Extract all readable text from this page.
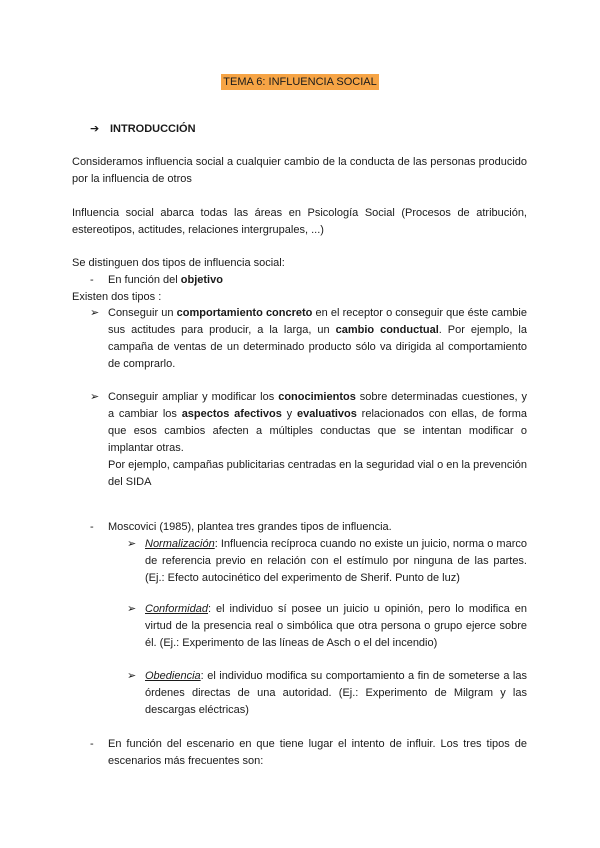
TEMA 6: INFLUENCIA SOCIAL
➔ INTRODUCCIÓN
Consideramos influencia social a cualquier cambio de la conducta de las personas producido por la influencia de otros
Influencia social abarca todas las áreas en Psicología Social (Procesos de atribución, estereotipos, actitudes, relaciones intergrupales, ...)
Se distinguen dos tipos de influencia social:
- En función del objetivo
Existen dos tipos :
➢ Conseguir un comportamiento concreto en el receptor o conseguir que éste cambie sus actitudes para producir, a la larga, un cambio conductual. Por ejemplo, la campaña de ventas de un determinado producto sólo va dirigida al comportamiento de comprarlo.
➢ Conseguir ampliar y modificar los conocimientos sobre determinadas cuestiones, y a cambiar los aspectos afectivos y evaluativos relacionados con ellas, de forma que esos cambios afecten a múltiples conductas que se intentan modificar o implantar otras.
Por ejemplo, campañas publicitarias centradas en la seguridad vial o en la prevención del SIDA
- Moscovici (1985), plantea tres grandes tipos de influencia.
➢ Normalización: Influencia recíproca cuando no existe un juicio, norma o marco de referencia previo en relación con el estímulo por ninguna de las partes. (Ej.: Efecto autocinético del experimento de Sherif. Punto de luz)
➢ Conformidad: el individuo sí posee un juicio u opinión, pero lo modifica en virtud de la presencia real o simbólica que otra persona o grupo ejerce sobre él. (Ej.: Experimento de las líneas de Asch o el del incendio)
➢ Obediencia: el individuo modifica su comportamiento a fin de someterse a las órdenes directas de una autoridad. (Ej.: Experimento de Milgram y las descargas eléctricas)
- En función del escenario en que tiene lugar el intento de influir. Los tres tipos de escenarios más frecuentes son:
